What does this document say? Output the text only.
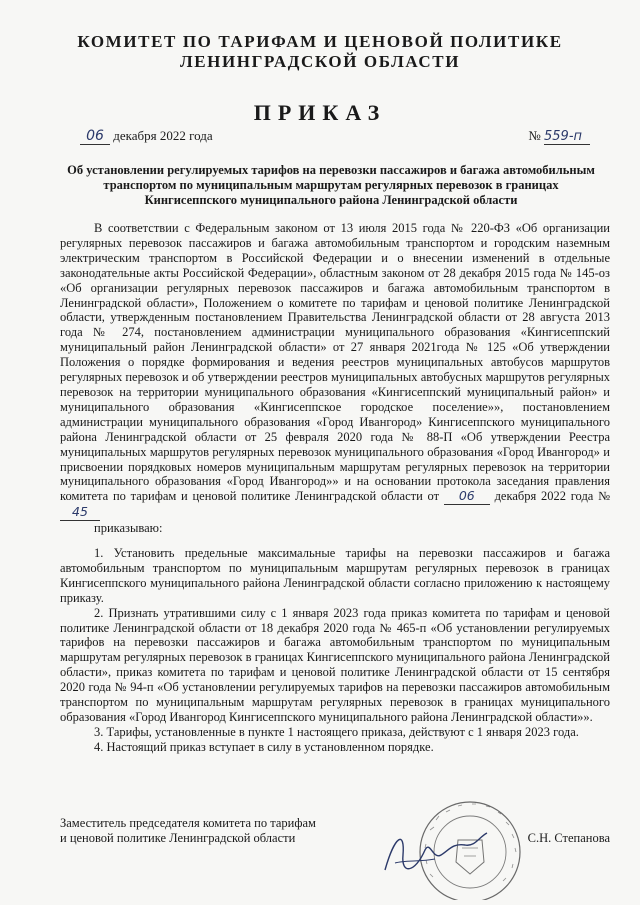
КОМИТЕТ ПО ТАРИФАМ И ЦЕНОВОЙ ПОЛИТИКЕ
ЛЕНИНГРАДСКОЙ ОБЛАСТИ
ПРИКАЗ
06 декабря 2022 года	№ 559-п
Об установлении регулируемых тарифов на перевозки пассажиров и багажа автомобильным транспортом по муниципальным маршрутам регулярных перевозок в границах Кингисеппского муниципального района Ленинградской области

В соответствии с Федеральным законом от 13 июля 2015 года № 220-ФЗ «Об организации регулярных перевозок пассажиров и багажа автомобильным транспортом и городским наземным электрическим транспортом в Российской Федерации и о внесении изменений в отдельные законодательные акты Российской Федерации», областным законом от 28 декабря 2015 года № 145-оз «Об организации регулярных перевозок пассажиров и багажа автомобильным транспортом в Ленинградской области», Положением о комитете по тарифам и ценовой политике Ленинградской области, утвержденным постановлением Правительства Ленинградской области от 28 августа 2013 года № 274, постановлением администрации муниципального образования «Кингисеппский муниципальный район Ленинградской области» от 27 января 2021года № 125 «Об утверждении Положения о порядке формирования и ведения реестров муниципальных автобусов маршрутов регулярных перевозок и об утверждении реестров муниципальных автобусных маршрутов регулярных перевозок на территории муниципального образования «Кингисеппский муниципальный район» и муниципального образования «Кингисеппское городское поселение»», постановлением администрации муниципального образования «Город Ивангород» Кингисеппского муниципального района Ленинградской области от 25 февраля 2020 года № 88-П «Об утверждении Реестра муниципальных маршрутов регулярных перевозок муниципального образования «Город Ивангород» и присвоении порядковых номеров муниципальным маршрутам регулярных перевозок на территории муниципального образования «Город Ивангород»» и на основании протокола заседания правления комитета по тарифам и ценовой политике Ленинградской области от 06 декабря 2022 года № 45

приказываю:

1. Установить предельные максимальные тарифы на перевозки пассажиров и багажа автомобильным транспортом по муниципальным маршрутам регулярных перевозок в границах Кингисеппского муниципального района Ленинградской области согласно приложению к настоящему приказу.

2. Признать утратившими силу с 1 января 2023 года приказ комитета по тарифам и ценовой политике Ленинградской области от 18 декабря 2020 года № 465-п «Об установлении регулируемых тарифов на перевозки пассажиров и багажа автомобильным транспортом по муниципальным маршрутам регулярных перевозок в границах Кингисеппского муниципального района Ленинградской области», приказ комитета по тарифам и ценовой политике Ленинградской области от 15 сентября 2020 года № 94-п «Об установлении регулируемых тарифов на перевозки пассажиров автомобильным транспортом по муниципальным маршрутам регулярных перевозок в границах муниципального образования «Город Ивангород Кингисеппского муниципального района Ленинградской области»».

3. Тарифы, установленные в пункте 1 настоящего приказа, действуют с 1 января 2023 года.

4. Настоящий приказ вступает в силу в установленном порядке.

Заместитель председателя комитета по тарифам
и ценовой политике Ленинградской области	С.Н. Степанова
